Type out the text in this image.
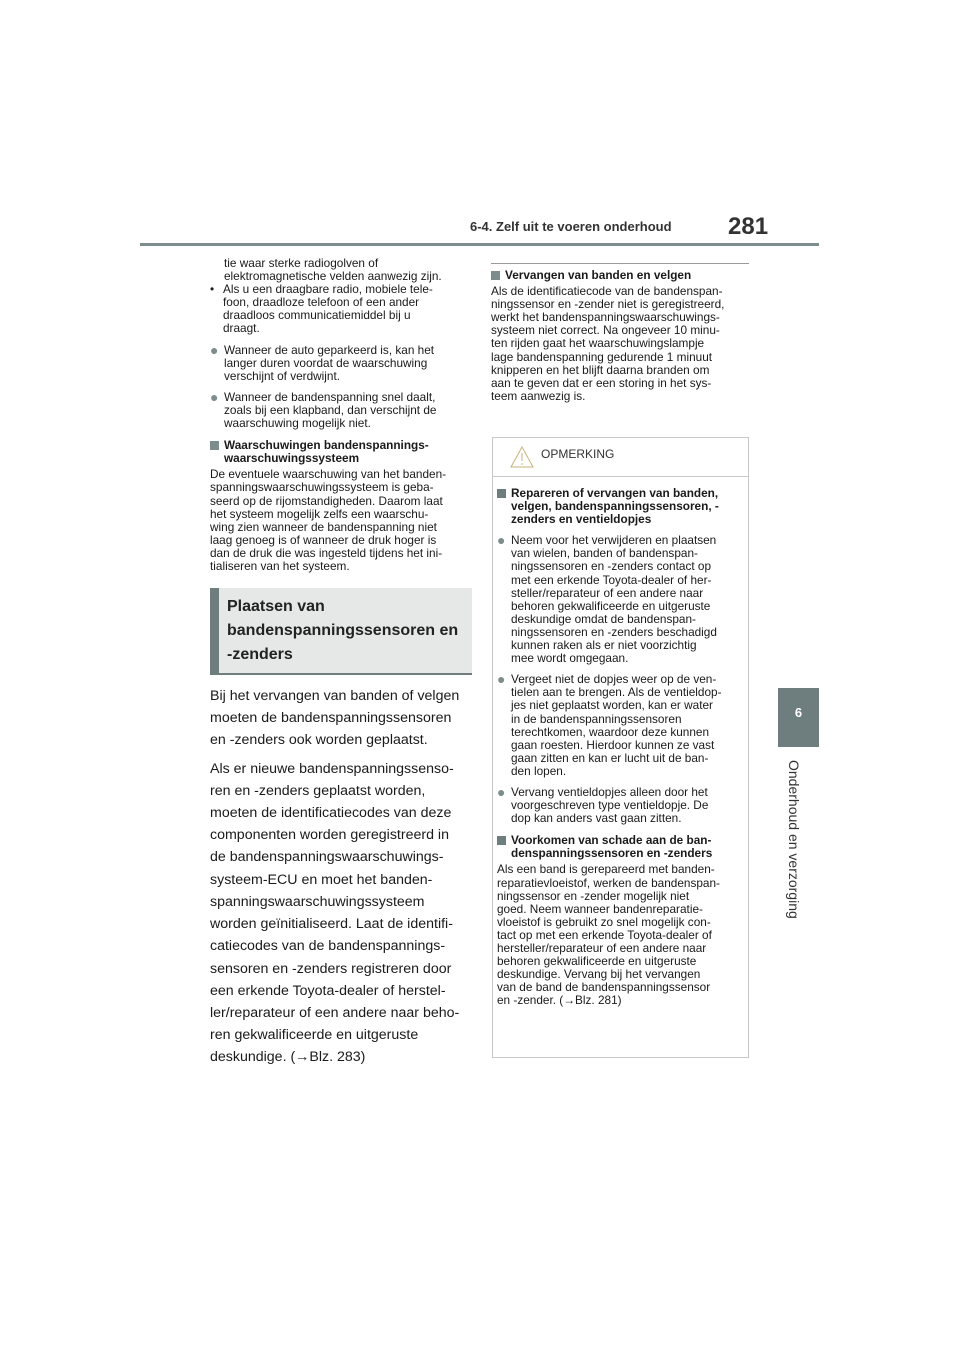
6-4. Zelf uit te voeren onderhoud 281
6
Onderhoud en verzorging

tie waar sterke radiogolven of

elektromagnetische velden aanwezig zijn.

• Als u een draagbare radio, mobiele tele-

foon, draadloze telefoon of een ander

draadloos communicatiemiddel bij u

draagt.

● Wanneer de auto geparkeerd is, kan het

langer duren voordat de waarschuwing

verschijnt of verdwijnt.

● Wanneer de bandenspanning snel daalt,

zoals bij een klapband, dan verschijnt de

waarschuwing mogelijk niet.

Waarschuwingen bandenspannings-

waarschuwingssysteem

De eventuele waarschuwing van het banden-

spanningswaarschuwingssysteem is geba-

seerd op de rijomstandigheden. Daarom laat

het systeem mogelijk zelfs een waarschu-

wing zien wanneer de bandenspanning niet

laag genoeg is of wanneer de druk hoger is

dan de druk die was ingesteld tijdens het ini-

tialiseren van het systeem.

Plaatsen van
bandenspanningssensoren en
-zenders

Bij het vervangen van banden of velgen

moeten de bandenspanningssensoren

en -zenders ook worden geplaatst.

Als er nieuwe bandenspanningssenso-

ren en -zenders geplaatst worden,

moeten de identificatiecodes van deze

componenten worden geregistreerd in

de bandenspanningswaarschuwings-

systeem-ECU en moet het banden-

spanningswaarschuwingssysteem

worden geïnitialiseerd. Laat de identifi-

catiecodes van de bandenspannings-

sensoren en -zenders registreren door

een erkende Toyota-dealer of herstel-

ler/reparateur of een andere naar beho-

ren gekwalificeerde en uitgeruste

deskundige. (→Blz. 283)

Vervangen van banden en velgen

Als de identificatiecode van de bandenspan-

ningssensor en -zender niet is geregistreerd,

werkt het bandenspanningswaarschuwings-

systeem niet correct. Na ongeveer 10 minu-

ten rijden gaat het waarschuwingslampje

lage bandenspanning gedurende 1 minuut

knipperen en het blijft daarna branden om

aan te geven dat er een storing in het sys-

teem aanwezig is.

OPMERKING

Repareren of vervangen van banden,

velgen, bandenspanningssensoren, -

zenders en ventieldopjes

● Neem voor het verwijderen en plaatsen

van wielen, banden of bandenspan-

ningssensoren en -zenders contact op

met een erkende Toyota-dealer of her-

steller/reparateur of een andere naar

behoren gekwalificeerde en uitgeruste

deskundige omdat de bandenspan-

ningssensoren en -zenders beschadigd

kunnen raken als er niet voorzichtig

mee wordt omgegaan.

● Vergeet niet de dopjes weer op de ven-

tielen aan te brengen. Als de ventieldop-

jes niet geplaatst worden, kan er water

in de bandenspanningssensoren

terechtkomen, waardoor deze kunnen

gaan roesten. Hierdoor kunnen ze vast

gaan zitten en kan er lucht uit de ban-

den lopen.

● Vervang ventieldopjes alleen door het

voorgeschreven type ventieldopje. De

dop kan anders vast gaan zitten.

Voorkomen van schade aan de ban-

denspanningssensoren en -zenders

Als een band is gerepareerd met banden-

reparatievloeistof, werken de bandenspan-

ningssensor en -zender mogelijk niet

goed. Neem wanneer bandenreparatie-

vloeistof is gebruikt zo snel mogelijk con-

tact op met een erkende Toyota-dealer of

hersteller/reparateur of een andere naar

behoren gekwalificeerde en uitgeruste

deskundige. Vervang bij het vervangen

van de band de bandenspanningssensor

en -zender. (→Blz. 281)
